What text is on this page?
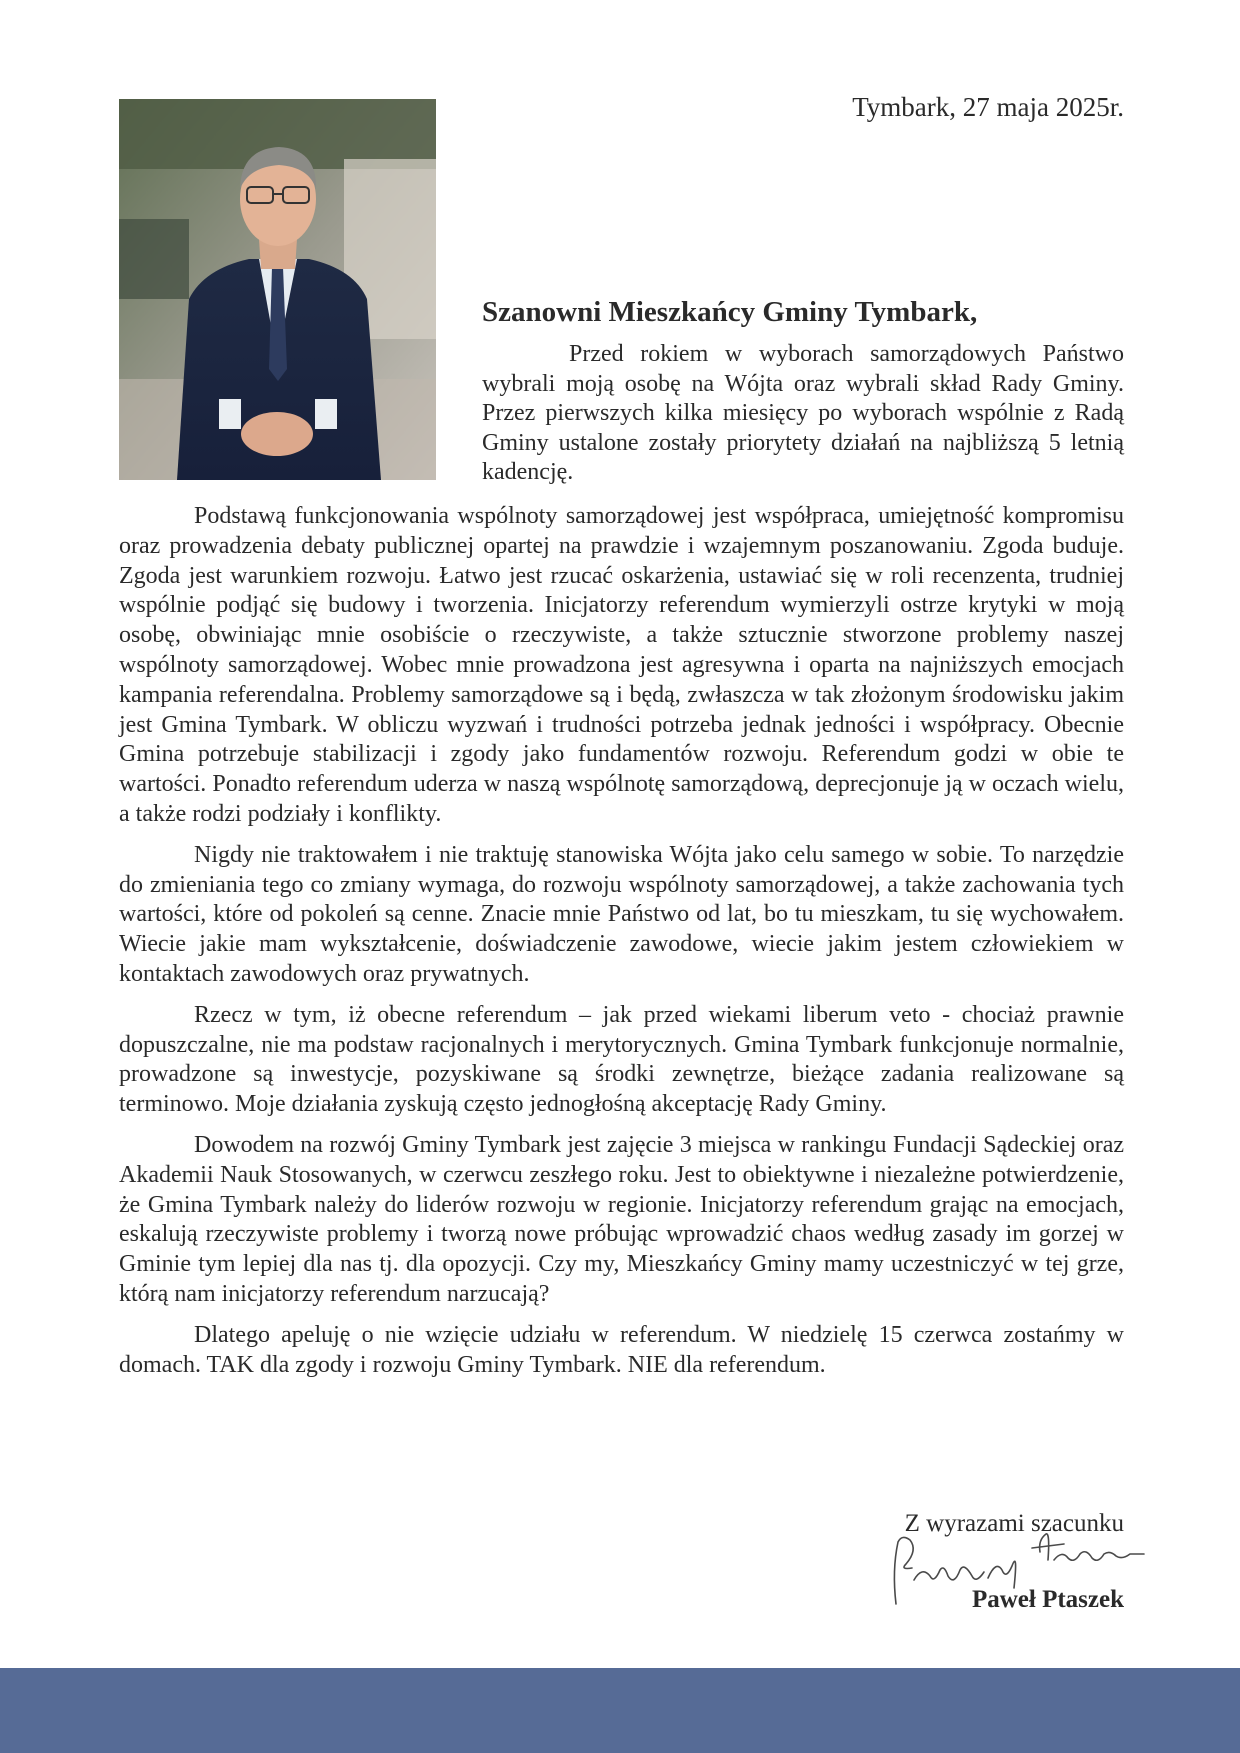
Tymbark, 27 maja 2025r.
Szanowni Mieszkańcy Gminy Tymbark,

Przed rokiem w wyborach samorządowych Państwo wybrali moją osobę na Wójta oraz wybrali skład Rady Gminy. Przez pierwszych kilka miesięcy po wyborach wspólnie z Radą Gminy ustalone zostały priorytety działań na najbliższą 5 letnią kadencję.

Podstawą funkcjonowania wspólnoty samorządowej jest współpraca, umiejętność kompromisu oraz prowadzenia debaty publicznej opartej na prawdzie i wzajemnym poszanowaniu. Zgoda buduje. Zgoda jest warunkiem rozwoju. Łatwo jest rzucać oskarżenia, ustawiać się w roli recenzenta, trudniej wspólnie podjąć się budowy i tworzenia. Inicjatorzy referendum wymierzyli ostrze krytyki w moją osobę, obwiniając mnie osobiście o rzeczywiste, a także sztucznie stworzone problemy naszej wspólnoty samorządowej. Wobec mnie prowadzona jest agresywna i oparta na najniższych emocjach kampania referendalna. Problemy samorządowe są i będą, zwłaszcza w tak złożonym środowisku jakim jest Gmina Tymbark. W obliczu wyzwań i trudności potrzeba jednak jedności i współpracy. Obecnie Gmina potrzebuje stabilizacji i zgody jako fundamentów rozwoju. Referendum godzi w obie te wartości. Ponadto referendum uderza w naszą wspólnotę samorządową, deprecjonuje ją w oczach wielu, a także rodzi podziały i konflikty.

Nigdy nie traktowałem i nie traktuję stanowiska Wójta jako celu samego w sobie. To narzędzie do zmieniania tego co zmiany wymaga, do rozwoju wspólnoty samorządowej, a także zachowania tych wartości, które od pokoleń są cenne. Znacie mnie Państwo od lat, bo tu mieszkam, tu się wychowałem. Wiecie jakie mam wykształcenie, doświadczenie zawodowe, wiecie jakim jestem człowiekiem w kontaktach zawodowych oraz prywatnych.

Rzecz w tym, iż obecne referendum – jak przed wiekami liberum veto - chociaż prawnie dopuszczalne, nie ma podstaw racjonalnych i merytorycznych. Gmina Tymbark funkcjonuje normalnie, prowadzone są inwestycje, pozyskiwane są środki zewnętrze, bieżące zadania realizowane są terminowo. Moje działania zyskują często jednogłośną akceptację Rady Gminy.

Dowodem na rozwój Gminy Tymbark jest zajęcie 3 miejsca w rankingu Fundacji Sądeckiej oraz Akademii Nauk Stosowanych, w czerwcu zeszłego roku. Jest to obiektywne i niezależne potwierdzenie, że Gmina Tymbark należy do liderów rozwoju w regionie. Inicjatorzy referendum grając na emocjach, eskalują rzeczywiste problemy i tworzą nowe próbując wprowadzić chaos według zasady im gorzej w Gminie tym lepiej dla nas tj. dla opozycji. Czy my, Mieszkańcy Gminy mamy uczestniczyć w tej grze, którą nam inicjatorzy referendum narzucają?

Dlatego apeluję o nie wzięcie udziału w referendum. W niedzielę 15 czerwca zostańmy w domach. TAK dla zgody i rozwoju Gminy Tymbark. NIE dla referendum.

Z wyrazami szacunku
Paweł Ptaszek
